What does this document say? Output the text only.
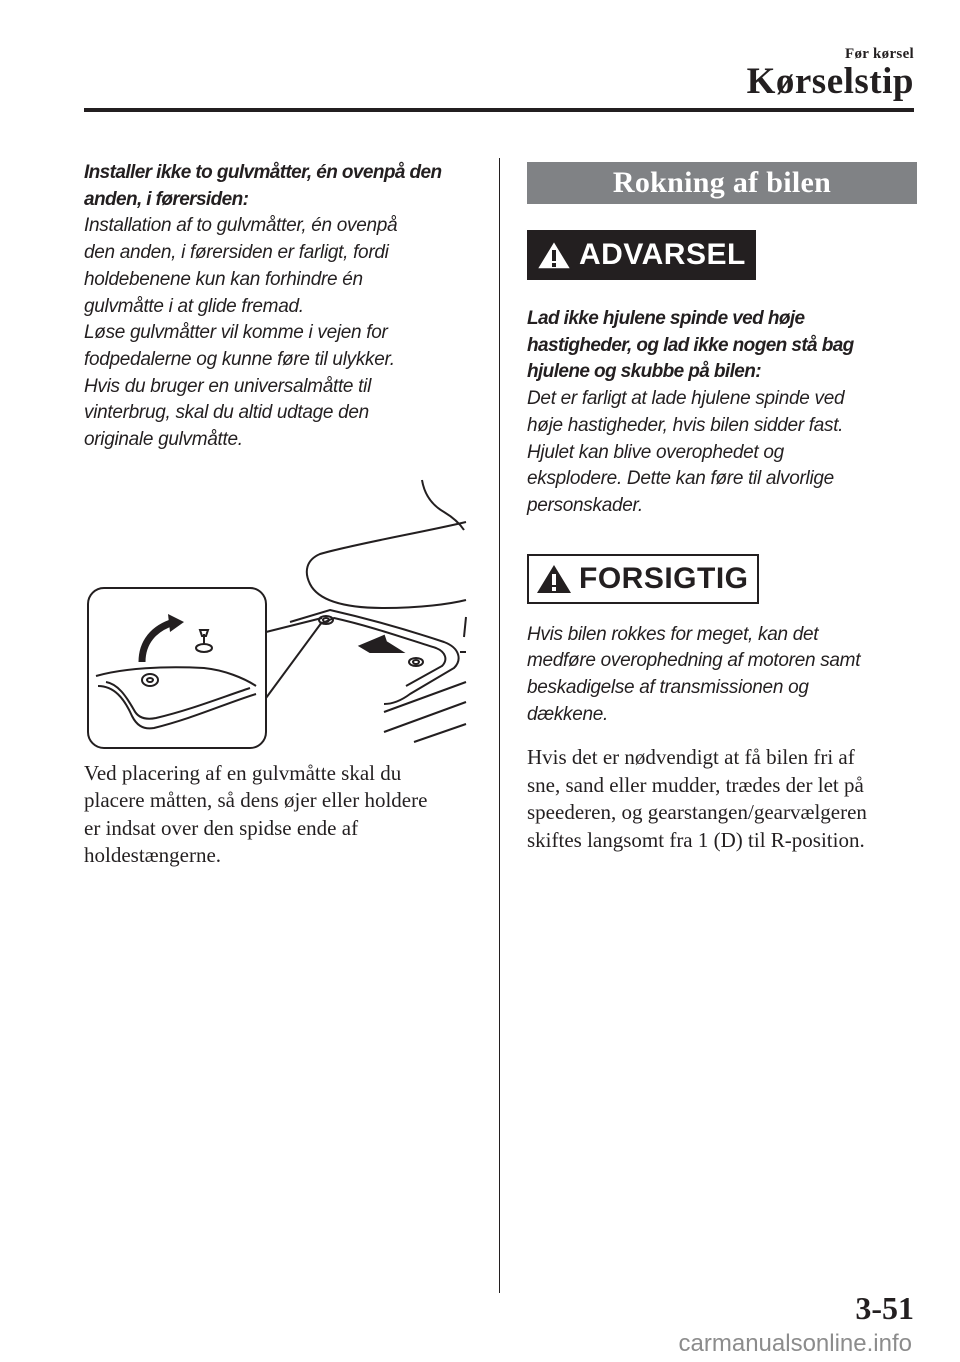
Før kørsel
Kørselstip

Installer ikke to gulvmåtter, én ovenpå den

anden, i førersiden:

Installation af to gulvmåtter, én ovenpå

den anden, i førersiden er farligt, fordi

holdebenene kun kan forhindre én

gulvmåtte i at glide fremad.

Løse gulvmåtter vil komme i vejen for

fodpedalerne og kunne føre til ulykker.

Hvis du bruger en universalmåtte til

vinterbrug, skal du altid udtage den

originale gulvmåtte.

Ved placering af en gulvmåtte skal du

placere måtten, så dens øjer eller holdere

er indsat over den spidse ende af

holdestængerne.

Rokning af bilen
ADVARSEL

Lad ikke hjulene spinde ved høje

hastigheder, og lad ikke nogen stå bag

hjulene og skubbe på bilen:

Det er farligt at lade hjulene spinde ved

høje hastigheder, hvis bilen sidder fast.

Hjulet kan blive overophedet og

eksplodere. Dette kan føre til alvorlige

personskader.

FORSIGTIG

Hvis bilen rokkes for meget, kan det

medføre overophedning af motoren samt

beskadigelse af transmissionen og

dækkene.

Hvis det er nødvendigt at få bilen fri af

sne, sand eller mudder, trædes der let på

speederen, og gearstangen/gearvælgeren

skiftes langsomt fra 1 (D) til R-position.

3-51
carmanualsonline.info
